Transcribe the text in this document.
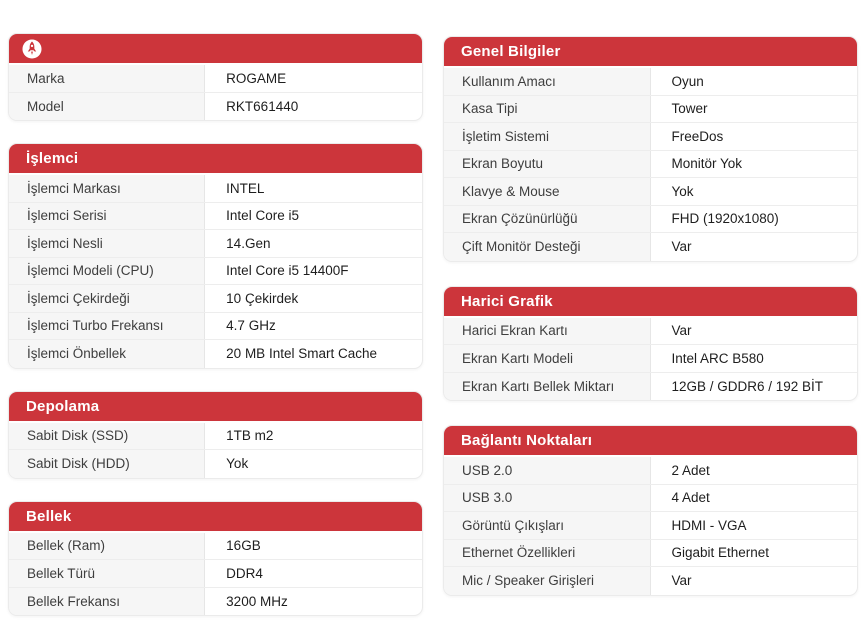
Marka	ROGAME
Model	RKT661440
İşlemci
İşlemci Markası	INTEL
İşlemci Serisi	Intel Core i5
İşlemci Nesli	14.Gen
İşlemci Modeli (CPU)	Intel Core i5 14400F
İşlemci Çekirdeği	10 Çekirdek
İşlemci Turbo Frekansı	4.7 GHz
İşlemci Önbellek	20 MB Intel Smart Cache
Depolama
Sabit Disk (SSD)	1TB m2
Sabit Disk (HDD)	Yok
Bellek
Bellek (Ram)	16GB
Bellek Türü	DDR4
Bellek Frekansı	3200 MHz
Genel Bilgiler
Kullanım Amacı	Oyun
Kasa Tipi	Tower
İşletim Sistemi	FreeDos
Ekran Boyutu	Monitör Yok
Klavye & Mouse	Yok
Ekran Çözünürlüğü	FHD (1920x1080)
Çift Monitör Desteği	Var
Harici Grafik
Harici Ekran Kartı	Var
Ekran Kartı Modeli	Intel ARC B580
Ekran Kartı Bellek Miktarı	12GB / GDDR6 / 192 BİT
Bağlantı Noktaları
USB 2.0	2 Adet
USB 3.0	4 Adet
Görüntü Çıkışları	HDMI - VGA
Ethernet Özellikleri	Gigabit Ethernet
Mic / Speaker Girişleri	Var
